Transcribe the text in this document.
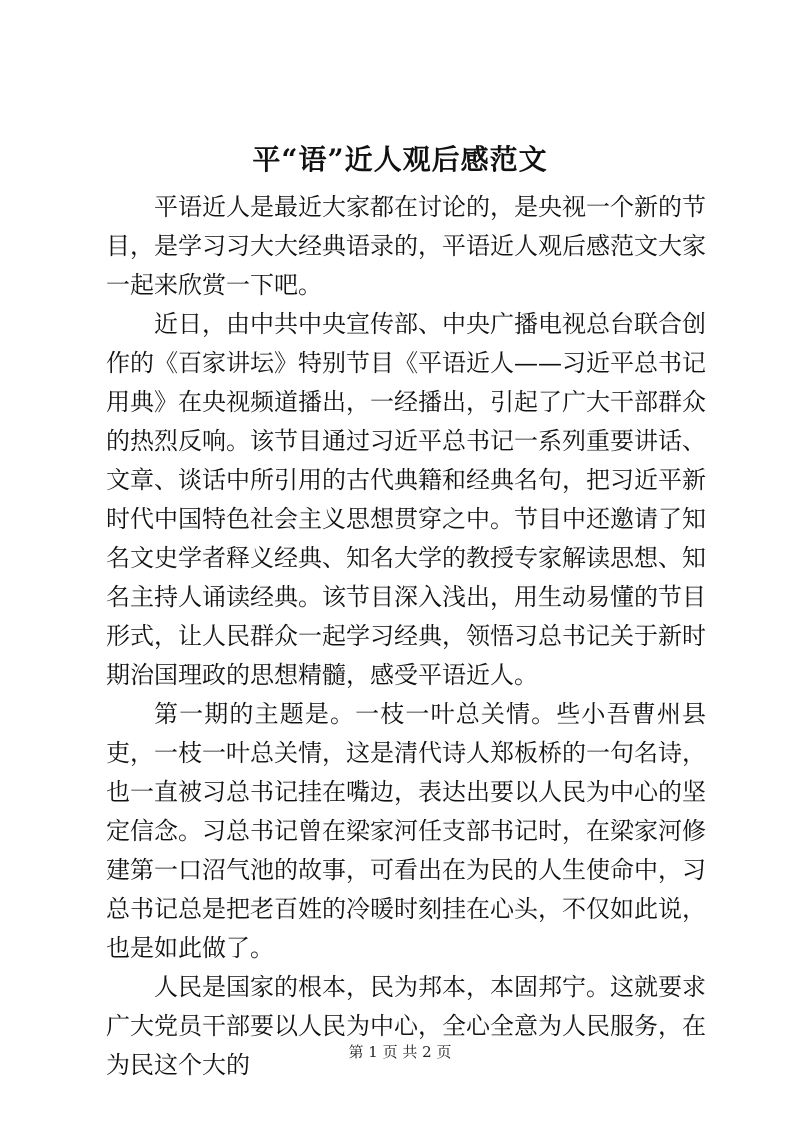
平“语”近人观后感范文

平语近人是最近大家都在讨论的，是央视一个新的节目，是学习习大大经典语录的，平语近人观后感范文大家一起来欣赏一下吧。

近日，由中共中央宣传部、中央广播电视总台联合创作的《百家讲坛》特别节目《平语近人——习近平总书记用典》在央视频道播出，一经播出，引起了广大干部群众的热烈反响。该节目通过习近平总书记一系列重要讲话、文章、谈话中所引用的古代典籍和经典名句，把习近平新时代中国特色社会主义思想贯穿之中。节目中还邀请了知名文史学者释义经典、知名大学的教授专家解读思想、知名主持人诵读经典。该节目深入浅出，用生动易懂的节目形式，让人民群众一起学习经典，领悟习总书记关于新时期治国理政的思想精髓，感受平语近人。

第一期的主题是。一枝一叶总关情。些小吾曹州县吏，一枝一叶总关情，这是清代诗人郑板桥的一句名诗，也一直被习总书记挂在嘴边，表达出要以人民为中心的坚定信念。习总书记曾在梁家河任支部书记时，在梁家河修建第一口沼气池的故事，可看出在为民的人生使命中，习总书记总是把老百姓的冷暖时刻挂在心头，不仅如此说，也是如此做了。

人民是国家的根本，民为邦本，本固邦宁。这就要求广大党员干部要以人民为中心，全心全意为人民服务，在为民这个大的	第 1 页 共 2 页
